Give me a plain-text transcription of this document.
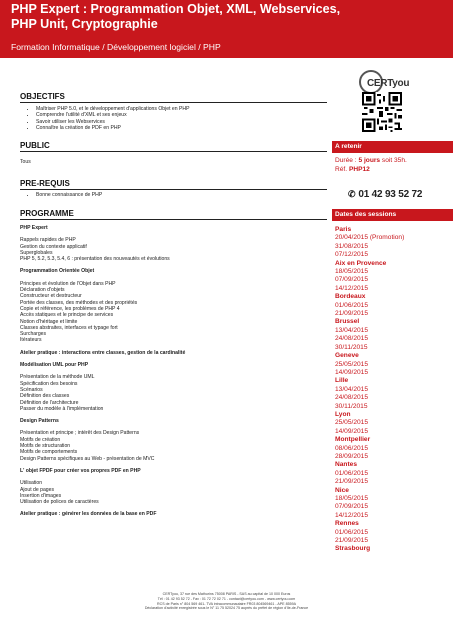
PHP Expert : Programmation Objet, XML, Webservices, PHP Unit, Cryptographie
Formation Informatique / Développement logiciel / PHP
CERTyou
OBJECTIFS
• Maîtriser PHP 5.0, et le développement d'applications Objet en PHP
• Comprendre l'utilité d'XML et ses enjeux
• Savoir utiliser les Webservices
• Connaître la création de PDF en PHP
PUBLIC
Tous
PRE-REQUIS
• Bonne connaissance de PHP
PROGRAMME
PHP Expert
Rappels rapides de PHP
Gestion du contexte applicatif
Superglobales
PHP 5, 5.2, 5.3, 5.4, 6 : présentation des nouveautés et évolutions
Programmation Orientée Objet
Principes et évolution de l'Objet dans PHP
Déclaration d'objets
Constructeur et destructeur
Portée des classes, des méthodes et des propriétés
Copie et référence, les problèmes de PHP 4
Accès statiques et le principe de services
Notion d'héritage et limite
Classes abstraites, interfaces et typage fort
Surcharges
Itérateurs
Atelier pratique : interactions entre classes, gestion de la cardinalité
Modélisation UML pour PHP
Présentation de la méthode UML
Spécification des besoins
Scénarios
Définition des classes
Définition de l'architecture
Passer du modèle à l'implémentation
Design Patterns
Présentation et principe ; intérêt des Design Patterns
Motifs de création
Motifs de structuration
Motifs de comportements
Design Patterns spécifiques au Web - présentation de MVC
L' objet FPDF pour créer vos propres PDF en PHP
Utilisation
Ajout de pages
Insertion d'images
Utilisation de polices de caractères
Atelier pratique : générer les données de la base en PDF
A retenir
Durée : 5 jours soit 35h.
Réf. PHP12
✆ 01 42 93 52 72
Dates des sessions
Paris
20/04/2015 (Promotion)
31/08/2015
07/12/2015
Aix en Provence
18/05/2015
07/09/2015
14/12/2015
Bordeaux
01/06/2015
21/09/2015
Brussel
13/04/2015
24/08/2015
30/11/2015
Geneve
25/05/2015
14/09/2015
Lille
13/04/2015
24/08/2015
30/11/2015
Lyon
25/05/2015
14/09/2015
Montpellier
08/06/2015
28/09/2015
Nantes
01/06/2015
21/09/2015
Nice
18/05/2015
07/09/2015
14/12/2015
Rennes
01/06/2015
21/09/2015
Strasbourg
CERTyou, 37 rue des Mathurins 75008 PARIS - SAS au capital de 10 000 Euros
Tél : 01 42 93 52 72 - Fax : 01 72 72 02 71 - contact@certyou.com - www.certyou.com
RCS de Paris n° 804 569 461- TVA intracommunautaire FR03 804569461 - APE 8559A
Déclaration d'activité enregistrée sous le N° 11 75 52024 75 auprès du préfet de région d'Ile-de-France
